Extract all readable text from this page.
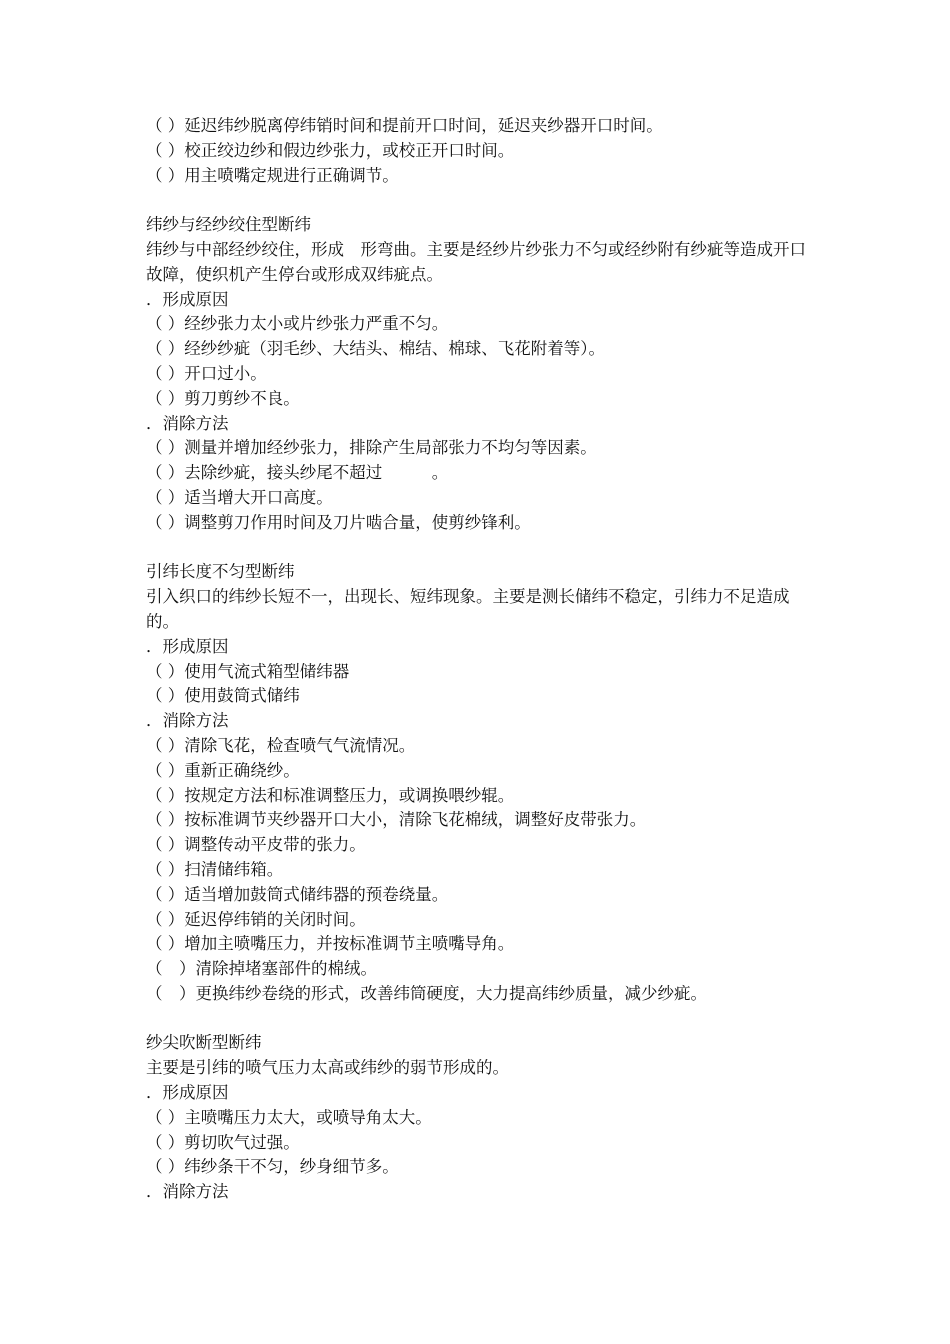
（ ）延迟纬纱脱离停纬销时间和提前开口时间，延迟夹纱器开口时间。
（ ）校正绞边纱和假边纱张力，或校正开口时间。
（ ）用主喷嘴定规进行正确调节。
纬纱与经纱绞住型断纬
纬纱与中部经纱绞住，形成　形弯曲。主要是经纱片纱张力不匀或经纱附有纱疵等造成开口故障，使织机产生停台或形成双纬疵点。
．形成原因
（ ）经纱张力太小或片纱张力严重不匀。
（ ）经纱纱疵（羽毛纱、大结头、棉结、棉球、飞花附着等）。
（ ）开口过小。
（ ）剪刀剪纱不良。
．消除方法
（ ）测量并增加经纱张力，排除产生局部张力不均匀等因素。
（ ）去除纱疵，接头纱尾不超过　　　。
（ ）适当增大开口高度。
（ ）调整剪刀作用时间及刀片啮合量，使剪纱锋利。
引纬长度不匀型断纬
引入织口的纬纱长短不一，出现长、短纬现象。主要是测长储纬不稳定，引纬力不足造成的。
．形成原因
（ ）使用气流式箱型储纬器
（ ）使用鼓筒式储纬
．消除方法
（ ）清除飞花，检查喷气气流情况。
（ ）重新正确绕纱。
（ ）按规定方法和标准调整压力，或调换喂纱辊。
（ ）按标准调节夹纱器开口大小，清除飞花棉绒，调整好皮带张力。
（ ）调整传动平皮带的张力。
（ ）扫清储纬箱。
（ ）适当增加鼓筒式储纬器的预卷绕量。
（ ）延迟停纬销的关闭时间。
（ ）增加主喷嘴压力，并按标准调节主喷嘴导角。
（　）清除掉堵塞部件的棉绒。
（　）更换纬纱卷绕的形式，改善纬筒硬度，大力提高纬纱质量，减少纱疵。
纱尖吹断型断纬
主要是引纬的喷气压力太高或纬纱的弱节形成的。
．形成原因
（ ）主喷嘴压力太大，或喷导角太大。
（ ）剪切吹气过强。
（ ）纬纱条干不匀，纱身细节多。
．消除方法
